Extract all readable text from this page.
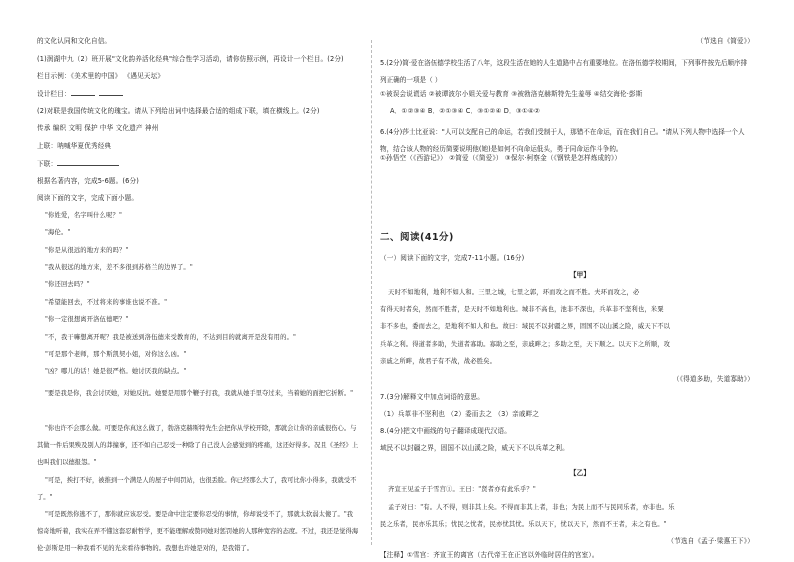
的文化认同和文化自信。
(1)润湖中九（2）班开展"文化韵养活化经典"综合性学习活动，请你仿照示例，再设计一个栏目。(2分)
栏目示例：《美术里的中国》 《遇见天坛》
设计栏目：
(2)对联是我国传统文化的瑰宝。请从下列给出词中选择最合适的组成下联，填在横线上。(2分)
传承 编织 文明 保护 中华 文化遗产 神州
上联：呐喊华夏优秀经典
下联：
根据名著内容，完成5-6题。(6分)
阅读下面的文字，完成下面小题。
"你姓爱，名字叫什么呢？"
"海伦。"
"你是从很远的地方来的吗？"
"我从很远的地方来，差不多很到苏格兰的边界了。"
"你还回去吗？"
"希望能回去，不过将来的事谁也说不准。"
"你一定很想离开洛伍德吧？"
"不，我干嘛想离开呢？我是被送到洛伍德来受教育的，不达到目的就离开是没有用的。"
"可是那个老师，那个斯凯契小姐，对你这么凶。"
"凶？哪儿的话！她是很严格。她讨厌我的缺点。"
"要是我是你，我会讨厌她，对她反抗。她要是用那个鞭子打我，我就从她手里夺过来，当着她的面把它折断。"
"你也许不会那么做。可要是你真这么做了，勃洛克赫斯特先生会把你从学校开除，那就会让你的亲戚很伤心。与其做一件后果殃及别人的莽撞事，还不如自己忍受一种除了自己没人会感觉到的疼痛，这还好得多。况且《圣经》上也叫我们以德报怨。"
"可是，挨打不好，被推到一个满是人的屋子中间罚站，也很丢脸。你已经那么大了，我可比你小得多，我就受不了。"
"可是既然你逃不了，那你就应该忍受。要是命中注定要你忍受的事情，你却说受不了，那就太软弱太傻了。"我惊奇地听着，我实在弄不懂这套忍耐哲学，更不能理解或赞同她对惩罚她的人那种宽容的态度。不过，我还是觉得海伦·彭斯是用一种我看不见的光来看待事物的。我想也许她是对的，是我错了。
（节选自《简爱》）
5.(2分)简·爱在洛伍德学校生活了八年，这段生活在她的人生道路中占有重要地位。在洛伍德学校期间，下列事件按先后顺序排列正确的一项是（ ）
①被误会说谎话 ②被谭波尔小姐关爱与教育 ③被勃洛克赫斯特先生羞辱 ④结交海伦·彭斯
A．①②③④ B．②①③④ C．③①②④ D．③①④②
6.(4分)莎士比亚说："人可以支配自己的命运，若我们受制于人，那错不在命运，而在我们自己。"请从下列人物中选择一个人物，结合该人物的经历简要说明他(她)是如何不向命运低头，勇于同命运作斗争的。
①孙悟空（《西游记》） ②简爱（《简爱》） ③保尔·柯察金（《钢铁是怎样炼成的》）
二、阅读(41分)
（一）阅读下面的文字，完成7-11小题。(16分)
【甲】
天时不如地利，地利不如人和。三里之城，七里之郭，环而攻之而不胜。夫环而攻之，必
有得天时者矣，然而不胜者，是天时不如地利也。城非不高也，池非不深也，兵革非不坚利也，米粟
非不多也，委而去之，是地利不如人和也。故曰：域民不以封疆之界，固国不以山溪之险，威天下不以
兵革之利。得道者多助，失道者寡助。寡助之至，亲戚畔之；多助之至，天下顺之。以天下之所顺，攻
亲戚之所畔，故君子有不战，战必胜矣。
（《得道多助，失道寡助》）
7.(3分)解释文中加点词语的意思。
（1）兵革非不坚利也 （2）委而去之 （3）亲戚畔之
8.(4分)把文中画线的句子翻译成现代汉语。
域民不以封疆之界，固国不以山溪之险，威天下不以兵革之利。
【乙】
齐宣王见孟子于雪宫①。王曰："贤者亦有此乐乎？"
孟子对曰："有。人不得，则非其上矣。不得而非其上者，非也；为民上而不与民同乐者，亦非也。乐
民之乐者，民亦乐其乐；忧民之忧者，民亦忧其忧。乐以天下，忧以天下，然而不王者，未之有也。"
（节选自《孟子·梁惠王下》）
【注释】①雪宫：齐宣王的离宫（古代帝王在正宫以外临时居住的宫室）。
